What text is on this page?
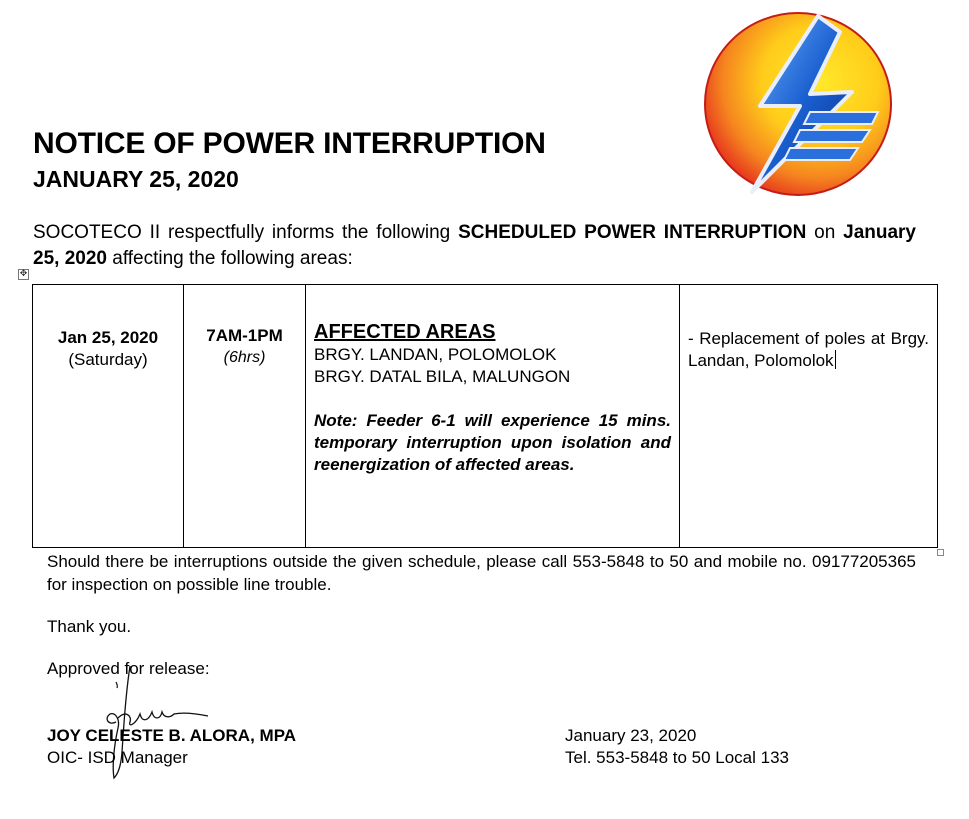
NOTICE OF POWER INTERRUPTION
JANUARY 25, 2020

SOCOTECO II respectfully informs the following SCHEDULED POWER INTERRUPTION on January 25, 2020 affecting the following areas:

✥
Jan 25, 2020
(Saturday)

7AM-1PM
(6hrs)

AFFECTED AREAS
BRGY. LANDAN, POLOMOLOK
BRGY. DATAL BILA, MALUNGON
Note: Feeder 6-1 will experience 15 mins. temporary interruption upon isolation and reenergization of affected areas.

- Replacement of poles at Brgy. Landan, Polomolok

Should there be interruptions outside the given schedule, please call 553-5848 to 50 and mobile no. 09177205365 for inspection on possible line trouble.

Thank you.

Approved for release:

JOY CELESTE B. ALORA, MPA

OIC- ISD Manager

January 23, 2020

Tel. 553-5848 to 50 Local 133
